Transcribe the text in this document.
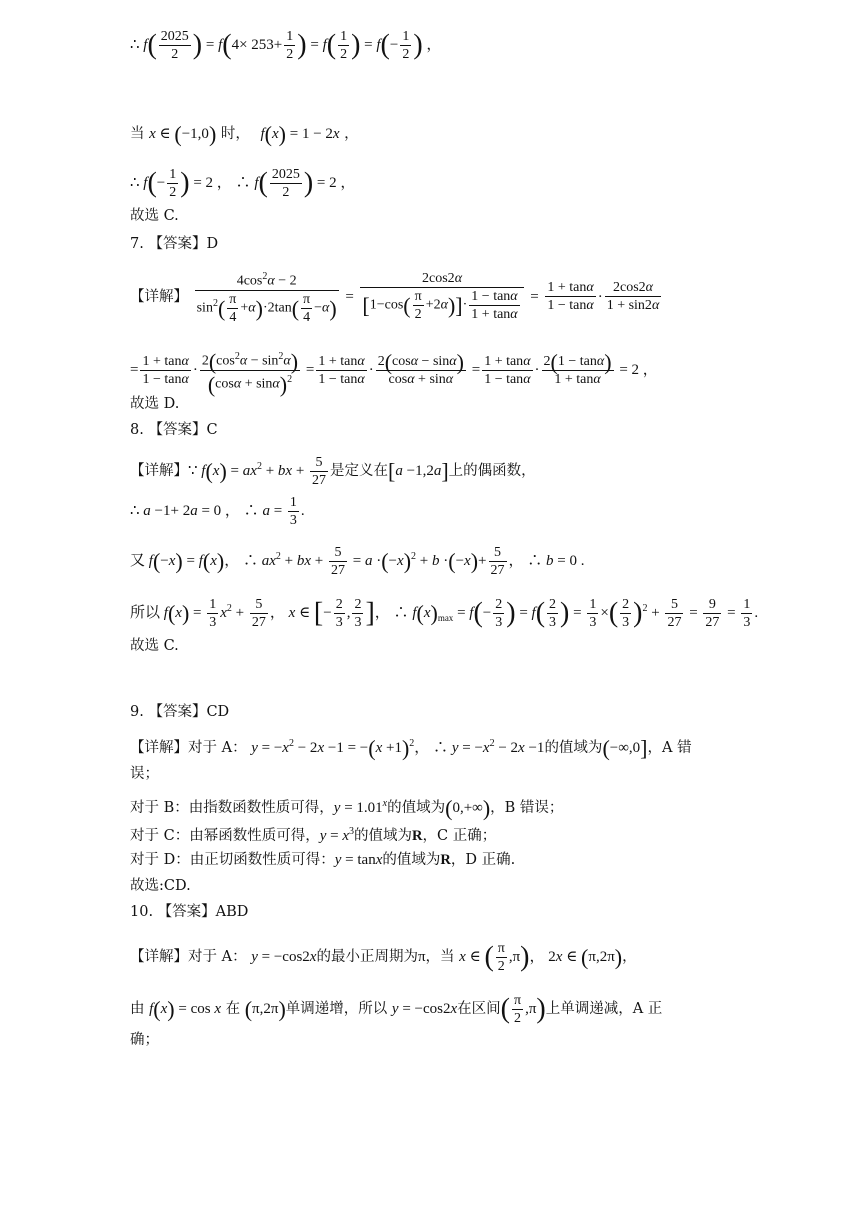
∴ $f( \frac{2025}{2}$ ) = $f(4\times 253+ \frac{1}{2}$ ) = $f( \frac{1}{2}$ ) = $f(- \frac{1}{2}$ ) ，
当 x ∈ (−1,0) 时， f(x) = 1 − 2x ，
∴ $f(- \frac{1}{2}$ ) = 2 ， ∴ $f( \frac{2025}{2}$ ) = 2 ，
故选 C.
7. 【答案】D
【详解】 $\frac{4\cos^2\alpha - 2}{\sin^2( \frac{\pi}{4} +\alpha)\cdot 2\tan( \frac{\pi}{4} -\alpha)} = \frac{2\cos 2\alpha}{[1-\cos( \frac{\pi}{2} +2\alpha)]\cdot \frac{1 - \tan\alpha}{1 + \tan\alpha}} = \frac{1 + \tan\alpha}{1 - \tan\alpha} \cdot \frac{2\cos 2\alpha}{1 + \sin 2\alpha}$
= $\frac{1 + \tan\alpha}{1 - \tan\alpha} \cdot \frac{2(\cos^2\alpha - \sin^2\alpha)}{(\cos\alpha + \sin\alpha)^2} = \frac{1 + \tan\alpha}{1 - \tan\alpha} \cdot \frac{2(\cos\alpha - \sin\alpha)}{\cos\alpha + \sin\alpha} = \frac{1 + \tan\alpha}{1 - \tan\alpha} \cdot \frac{2(1 - \tan\alpha)}{1 + \tan\alpha} = 2$ ，
故选 D.
8. 【答案】C
【详解】∵ $f(x) = ax^2$ + bx + $\frac{5}{27}$ 是定义在[a −1,2a]上的偶函数，
∴ a −1+ 2a = 0 ， ∴ $a = \frac{1}{3}$ .
又 f(−x) = f(x)， ∴ $ax^2$ + bx + $\frac{5}{27} = a \cdot(-x)^2 + b \cdot(-x)+ \frac{5}{27}$ ， ∴ b = 0 .
所以 $f(x) = \frac{1}{3} x^2 + \frac{5}{27}$ ， x ∈ [− $\frac{2}{3}$ , $\frac{2}{3}$ ]， ∴ $f(x)_{max} = f(- \frac{2}{3}$ ) = $f( \frac{2}{3}$ ) = $\frac{1}{3}$ ×( $\frac{2}{3} )^2 + \frac{5}{27} = \frac{9}{27} = \frac{1}{3}$ .
故选 C.
9. 【答案】CD
【详解】对于 A： $y = -x^2 - 2x -1 = -(x +1)^2$， ∴ $y = -x^2 - 2x -1$的值域为(−∞,0]，A 错
误；
对于 B：由指数函数性质可得，$y = 1.01^x$的值域为(0,+∞)，B 错误；
对于 C：由幂函数性质可得，$y = x^3$的值域为R，C 正确；
对于 D：由正切函数性质可得：y = tanx的值域为R，D 正确.
故选:CD.
10. 【答案】ABD
【详解】对于 A： y = −cos2x的最小正周期为π，当 x ∈ ( $\frac{\pi}{2} ,\pi$)， 2x ∈ (π,2π)，
由 f(x) = cos x 在 (π,2π)单调递增，所以 y = −cos2x在区间( $\frac{\pi}{2} ,\pi$)上单调递减，A 正
确；
